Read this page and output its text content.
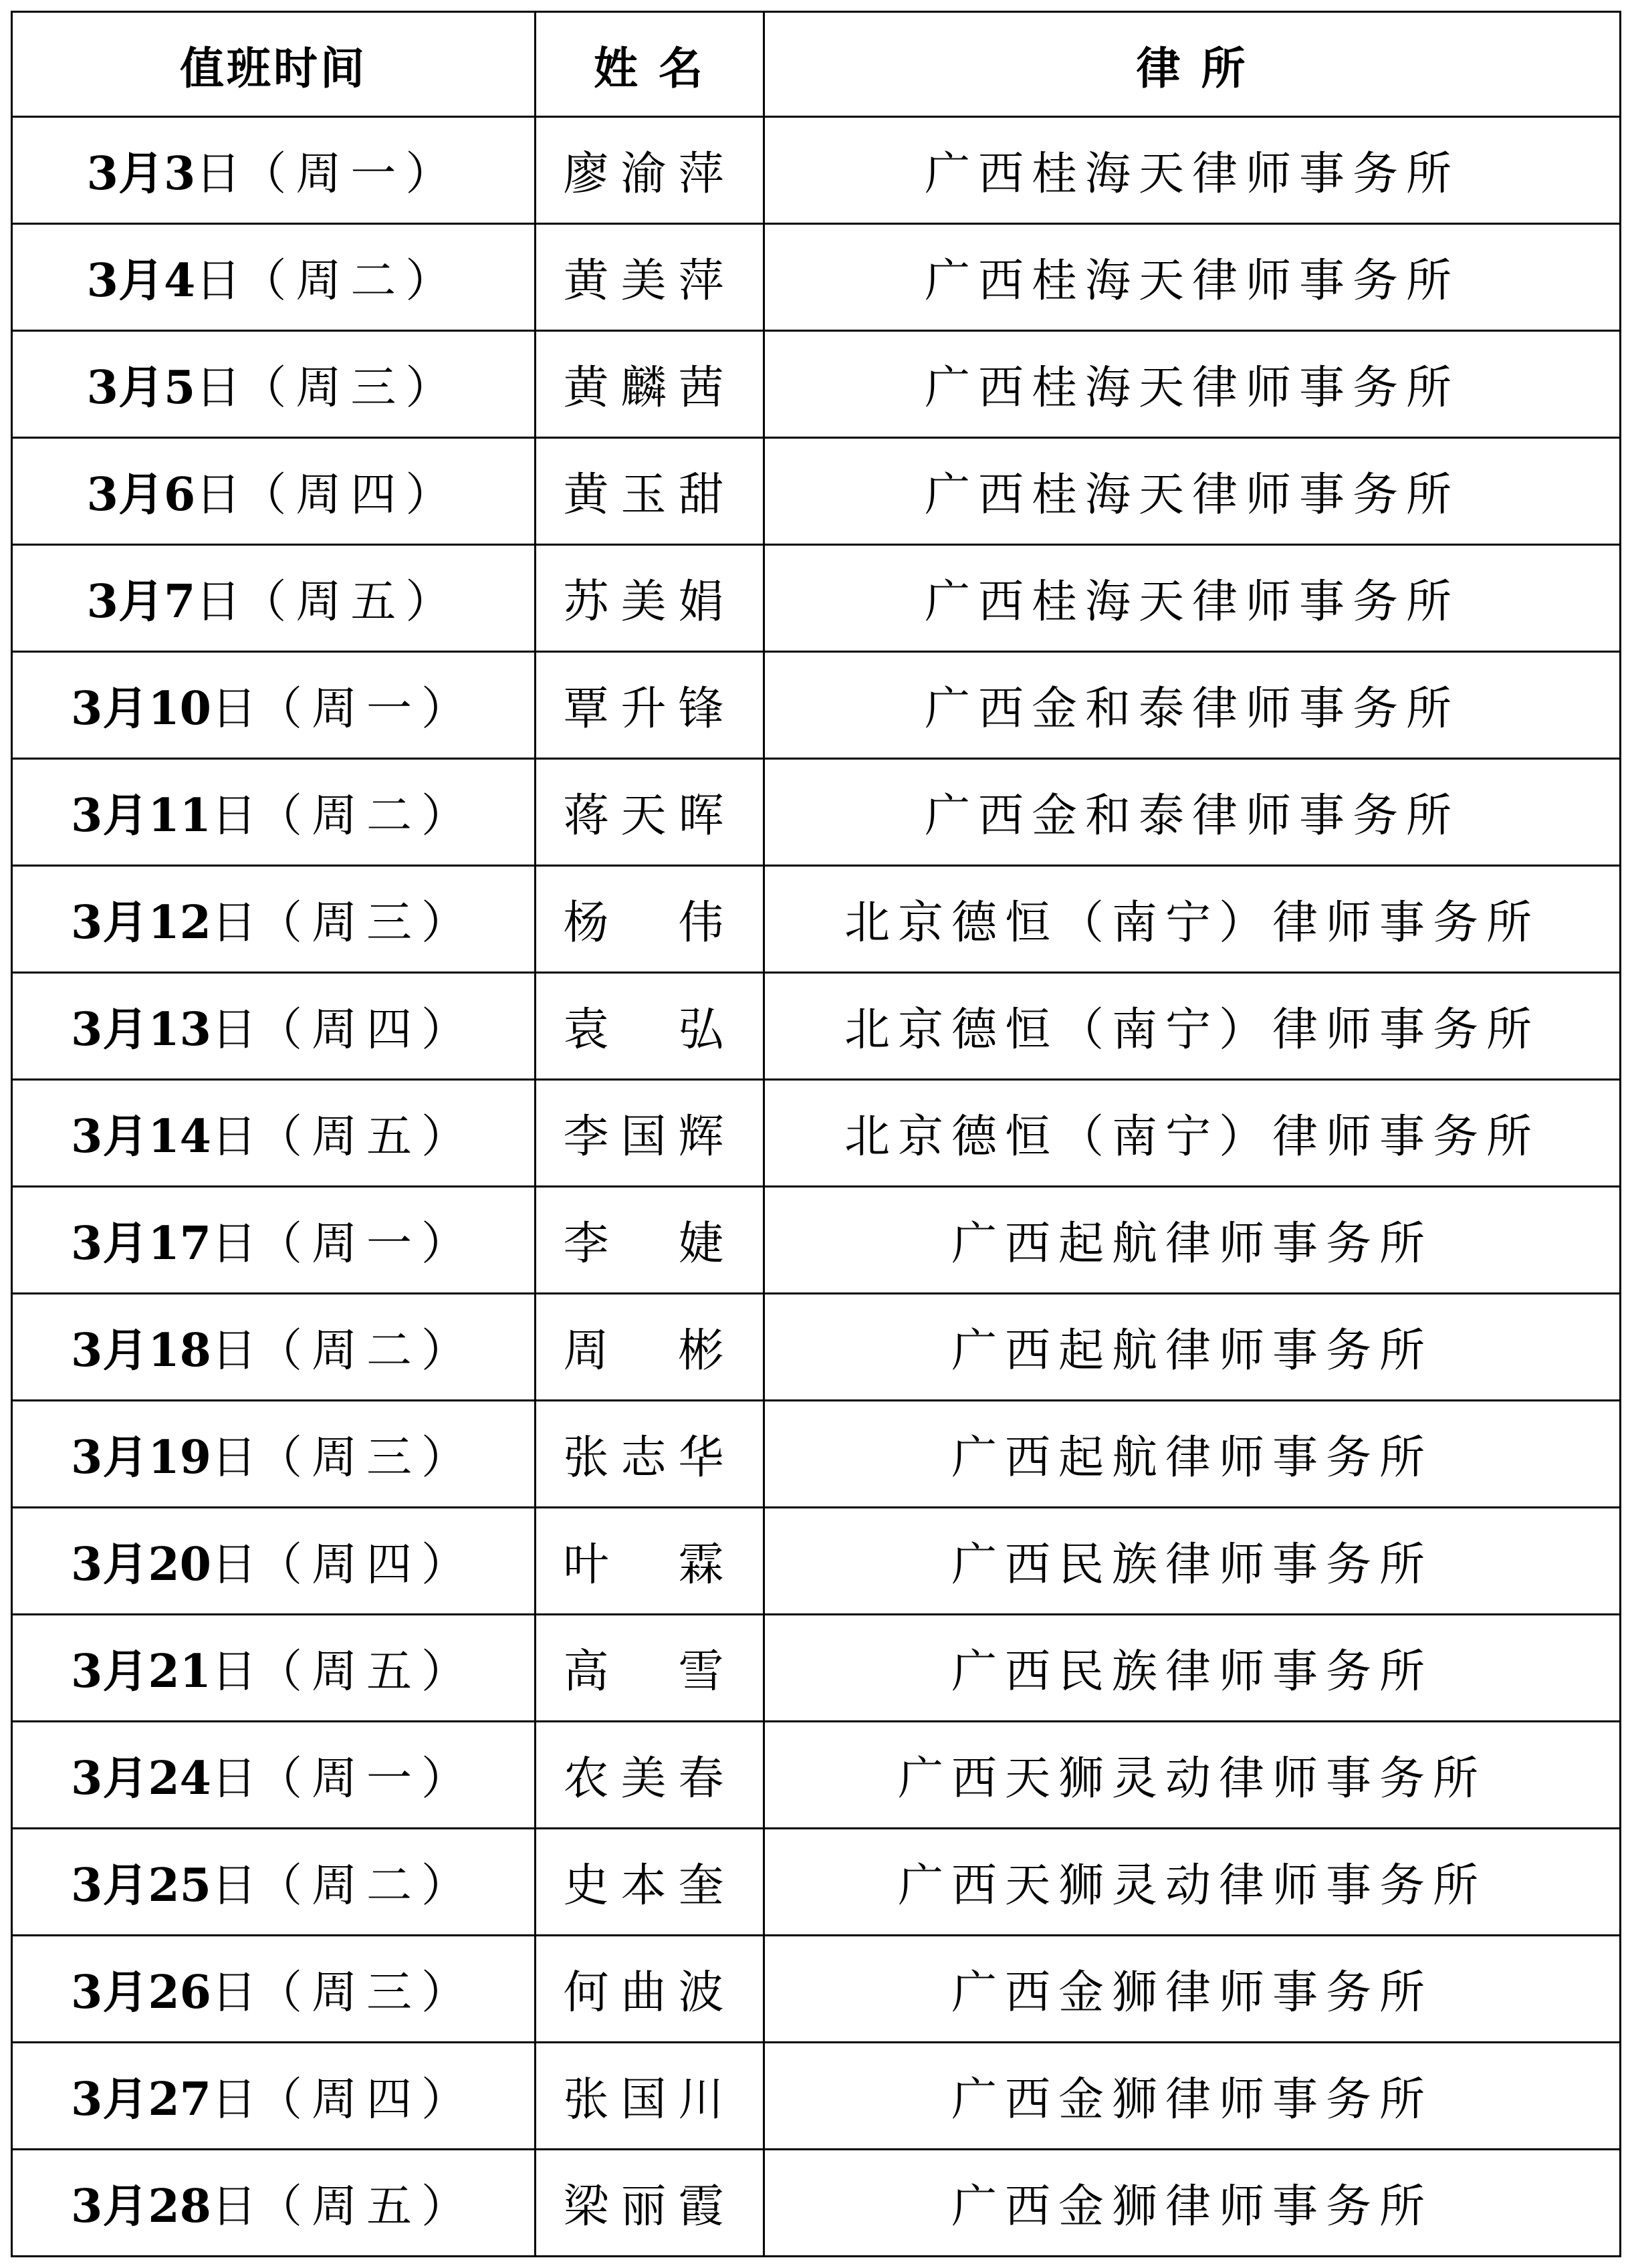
值班时间	姓 名	律 所
3月3日（周一）	廖渝萍	广西桂海天律师事务所
3月4日（周二）	黄美萍	广西桂海天律师事务所
3月5日（周三）	黄麟茜	广西桂海天律师事务所
3月6日（周四）	黄玉甜	广西桂海天律师事务所
3月7日（周五）	苏美娟	广西桂海天律师事务所
3月10日（周一）	覃升锋	广西金和泰律师事务所
3月11日（周二）	蒋天晖	广西金和泰律师事务所
3月12日（周三）	杨　伟	北京德恒（南宁）律师事务所
3月13日（周四）	袁　弘	北京德恒（南宁）律师事务所
3月14日（周五）	李国辉	北京德恒（南宁）律师事务所
3月17日（周一）	李　婕	广西起航律师事务所
3月18日（周二）	周　彬	广西起航律师事务所
3月19日（周三）	张志华	广西起航律师事务所
3月20日（周四）	叶　霖	广西民族律师事务所
3月21日（周五）	高　雪	广西民族律师事务所
3月24日（周一）	农美春	广西天狮灵动律师事务所
3月25日（周二）	史本奎	广西天狮灵动律师事务所
3月26日（周三）	何曲波	广西金狮律师事务所
3月27日（周四）	张国川	广西金狮律师事务所
3月28日（周五）	梁丽霞	广西金狮律师事务所
